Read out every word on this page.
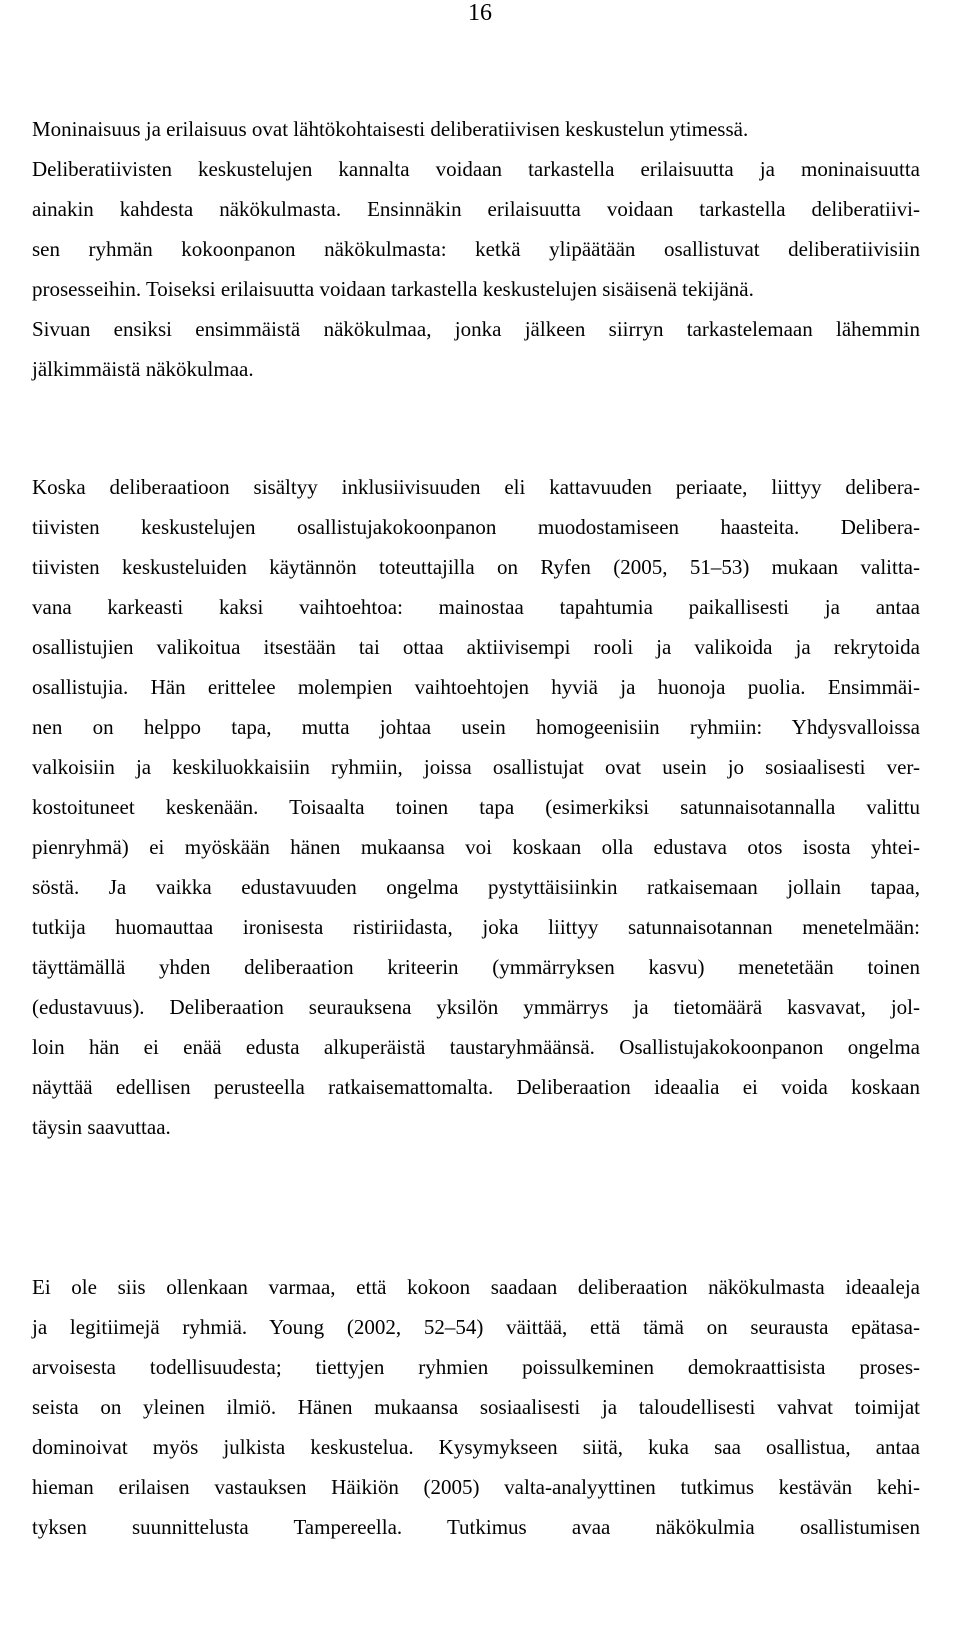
16
Moninaisuus ja erilaisuus ovat lähtökohtaisesti deliberatiivisen keskustelun ytimessä.
Deliberatiivisten keskustelujen kannalta voidaan tarkastella erilaisuutta ja moninaisuutta
ainakin kahdesta näkökulmasta. Ensinnäkin erilaisuutta voidaan tarkastella deliberatiivi-
sen ryhmän kokoonpanon näkökulmasta: ketkä ylipäätään osallistuvat deliberatiivisiin
prosesseihin. Toiseksi erilaisuutta voidaan tarkastella keskustelujen sisäisenä tekijänä.
Sivuan ensiksi ensimmäistä näkökulmaa, jonka jälkeen siirryn tarkastelemaan lähemmin
jälkimmäistä näkökulmaa.
Koska deliberaatioon sisältyy inklusiivisuuden eli kattavuuden periaate, liittyy delibera-
tiivisten keskustelujen osallistujakokoonpanon muodostamiseen haasteita. Delibera-
tiivisten keskusteluiden käytännön toteuttajilla on Ryfen (2005, 51–53) mukaan valitta-
vana karkeasti kaksi vaihtoehtoa: mainostaa tapahtumia paikallisesti ja antaa
osallistujien valikoitua itsestään tai ottaa aktiivisempi rooli ja valikoida ja rekrytoida
osallistujia. Hän erittelee molempien vaihtoehtojen hyviä ja huonoja puolia. Ensimmäi-
nen on helppo tapa, mutta johtaa usein homogeenisiin ryhmiin: Yhdysvalloissa
valkoisiin ja keskiluokkaisiin ryhmiin, joissa osallistujat ovat usein jo sosiaalisesti ver-
kostoituneet keskenään. Toisaalta toinen tapa (esimerkiksi satunnaisotannalla valittu
pienryhmä) ei myöskään hänen mukaansa voi koskaan olla edustava otos isosta yhtei-
söstä. Ja vaikka edustavuuden ongelma pystyttäisiinkin ratkaisemaan jollain tapaa,
tutkija huomauttaa ironisesta ristiriidasta, joka liittyy satunnaisotannan menetelmään:
täyttämällä yhden deliberaation kriteerin (ymmärryksen kasvu) menetetään toinen
(edustavuus). Deliberaation seurauksena yksilön ymmärrys ja tietomäärä kasvavat, jol-
loin hän ei enää edusta alkuperäistä taustaryhmäänsä. Osallistujakokoonpanon ongelma
näyttää edellisen perusteella ratkaisemattomalta. Deliberaation ideaalia ei voida koskaan
täysin saavuttaa.
Ei ole siis ollenkaan varmaa, että kokoon saadaan deliberaation näkökulmasta ideaaleja
ja legitiimejä ryhmiä. Young (2002, 52–54) väittää, että tämä on seurausta epätasa-
arvoisesta todellisuudesta; tiettyjen ryhmien poissulkeminen demokraattisista proses-
seista on yleinen ilmiö. Hänen mukaansa sosiaalisesti ja taloudellisesti vahvat toimijat
dominoivat myös julkista keskustelua. Kysymykseen siitä, kuka saa osallistua, antaa
hieman erilaisen vastauksen Häikiön (2005) valta-analyyttinen tutkimus kestävän kehi-
tyksen suunnittelusta Tampereella. Tutkimus avaa näkökulmia osallistumisen
